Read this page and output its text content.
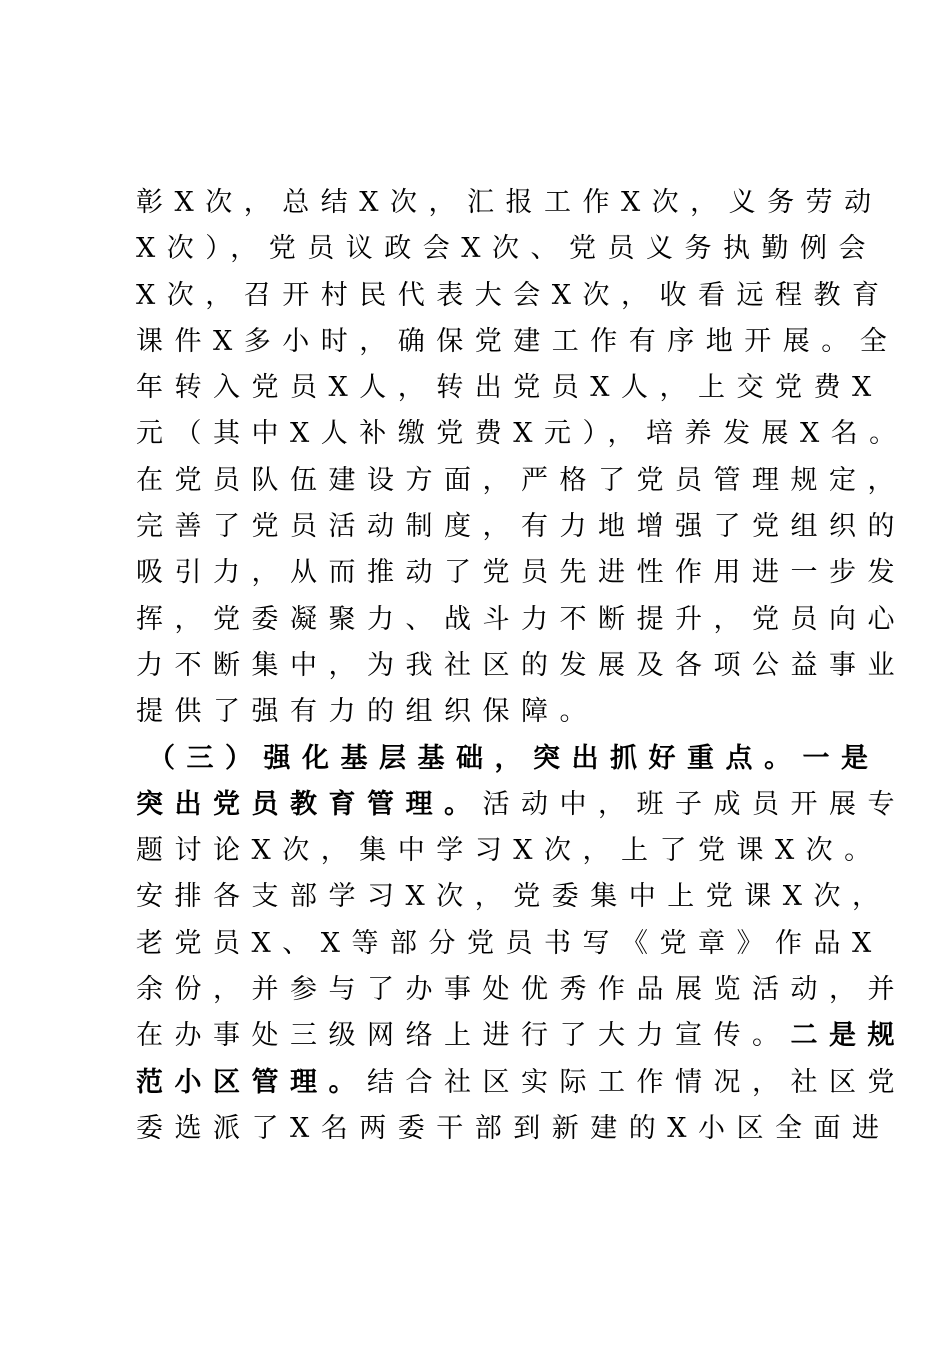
彰X次，总结X次，汇报工作X次，义务劳动
X次），党员议政会X次、党员义务执勤例会
X次，召开村民代表大会X次，收看远程教育
课件X多小时，确保党建工作有序地开展。全
年转入党员X人，转出党员X人，上交党费X
元（其中X人补缴党费X元），培养发展X名。
在党员队伍建设方面，严格了党员管理规定，
完善了党员活动制度，有力地增强了党组织的
吸引力，从而推动了党员先进性作用进一步发
挥，党委凝聚力、战斗力不断提升，党员向心
力不断集中，为我社区的发展及各项公益事业
提供了强有力的组织保障。
（三）强化基层基础，突出抓好重点。一是
突出党员教育管理。活动中，班子成员开展专
题讨论X次，集中学习X次，上了党课X次。
安排各支部学习X次，党委集中上党课X次，
老党员X、X等部分党员书写《党章》作品X
余份，并参与了办事处优秀作品展览活动，并
在办事处三级网络上进行了大力宣传。二是规
范小区管理。结合社区实际工作情况，社区党
委选派了X名两委干部到新建的X小区全面进
